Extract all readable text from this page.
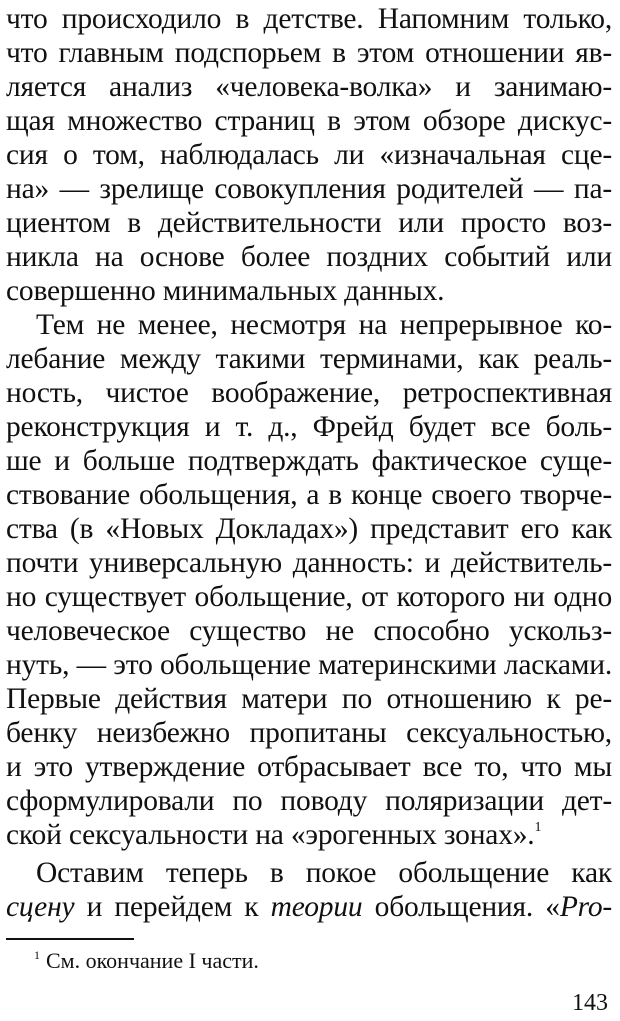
что происходило в детстве. Напомним только,
что главным подспорьем в этом отношении яв-
ляется анализ «человека-волка» и занимаю-
щая множество страниц в этом обзоре дискус-
сия о том, наблюдалась ли «изначальная сце-
на» — зрелище совокупления родителей — па-
циентом в действительности или просто воз-
никла на основе более поздних событий или
совершенно минимальных данных.
Тем не менее, несмотря на непрерывное ко-
лебание между такими терминами, как реаль-
ность, чистое воображение, ретроспективная
реконструкция и т. д., Фрейд будет все боль-
ше и больше подтверждать фактическое суще-
ствование обольщения, а в конце своего творче-
ства (в «Новых Докладах») представит его как
почти универсальную данность: и действитель-
но существует обольщение, от которого ни одно
человеческое существо не способно ускольз-
нуть, — это обольщение материнскими ласками.
Первые действия матери по отношению к ре-
бенку неизбежно пропитаны сексуальностью,
и это утверждение отбрасывает все то, что мы
сформулировали по поводу поляризации дет-
ской сексуальности на «эрогенных зонах».$^1$
Оставим теперь в покое обольщение как
сцену и перейдем к теории обольщения. «Pro-
$^1$ См. окончание I части.
143
